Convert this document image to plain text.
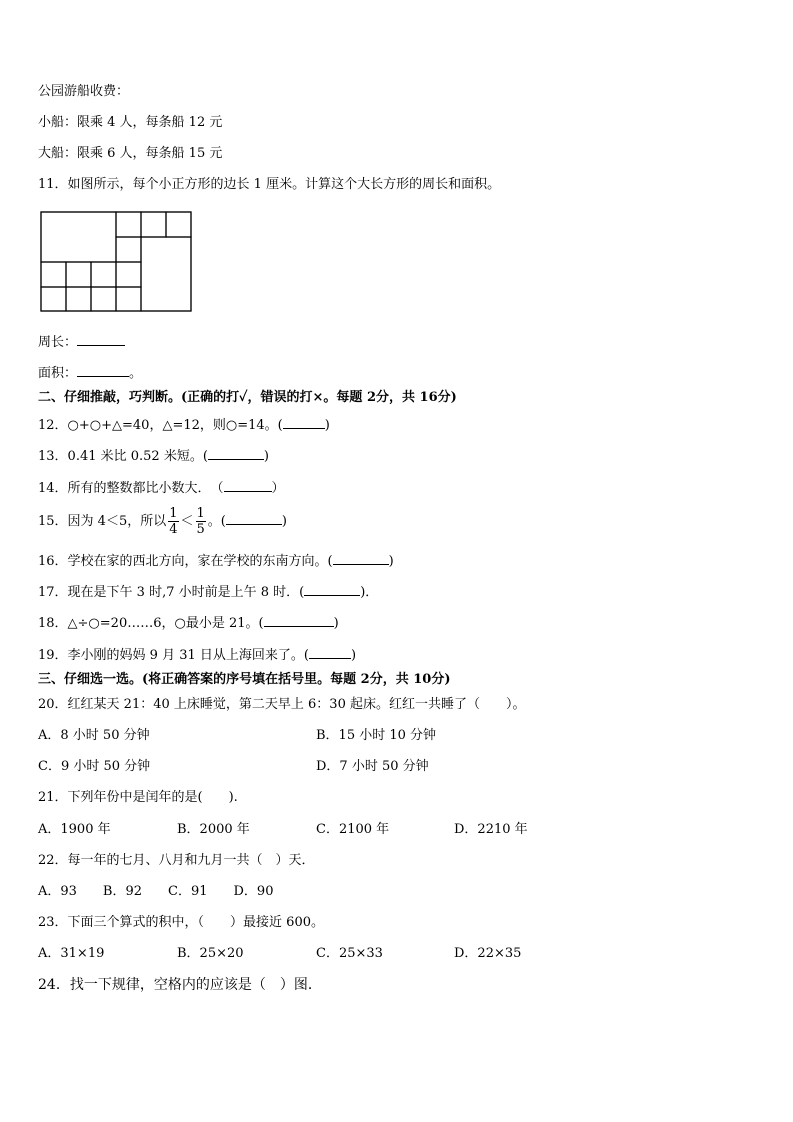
公园游船收费：
小船：限乘 4 人，每条船 12 元
大船：限乘 6 人，每条船 15 元
11．如图所示，每个小正方形的边长 1 厘米。计算这个大长方形的周长和面积。
周长：
面积：	。
二、仔细推敲，巧判断。(正确的打✓，错误的打×。每题 2分，共 16分)
12．○+○+△=40，△=12，则○=14。(	)
13．0.41 米比 0.52 米短。(	)
14．所有的整数都比小数大．　（	）
15．因为 4＜5，所以 $\frac{1}{4} < \frac{1}{5}$ 。(	)
16．学校在家的西北方向，家在学校的东南方向。(	)
17．现在是下午 3 时,7 小时前是上午 8 时．(	)．
18．△÷○=20……6，○最小是 21。(	)
19．李小刚的妈妈 9 月 31 日从上海回来了。(	)
三、仔细选一选。(将正确答案的序号填在括号里。每题 2分，共 10分)
20．红红某天 21：40 上床睡觉，第二天早上 6：30 起床。红红一共睡了（　　）。
A．8 小时 50 分钟	B．15 小时 10 分钟
C．9 小时 50 分钟	D．7 小时 50 分钟
21．下列年份中是闰年的是(　　).
A．1900 年	B．2000 年	C．2100 年	D．2210 年
22．每一年的七月、八月和九月一共（　）天．
A．93　　B．92　　C．91　　D．90
23．下面三个算式的积中，（　　）最接近 600。
A．31×19	B．25×20	C．25×33	D．22×35
24．找一下规律，空格内的应该是（　）图．
